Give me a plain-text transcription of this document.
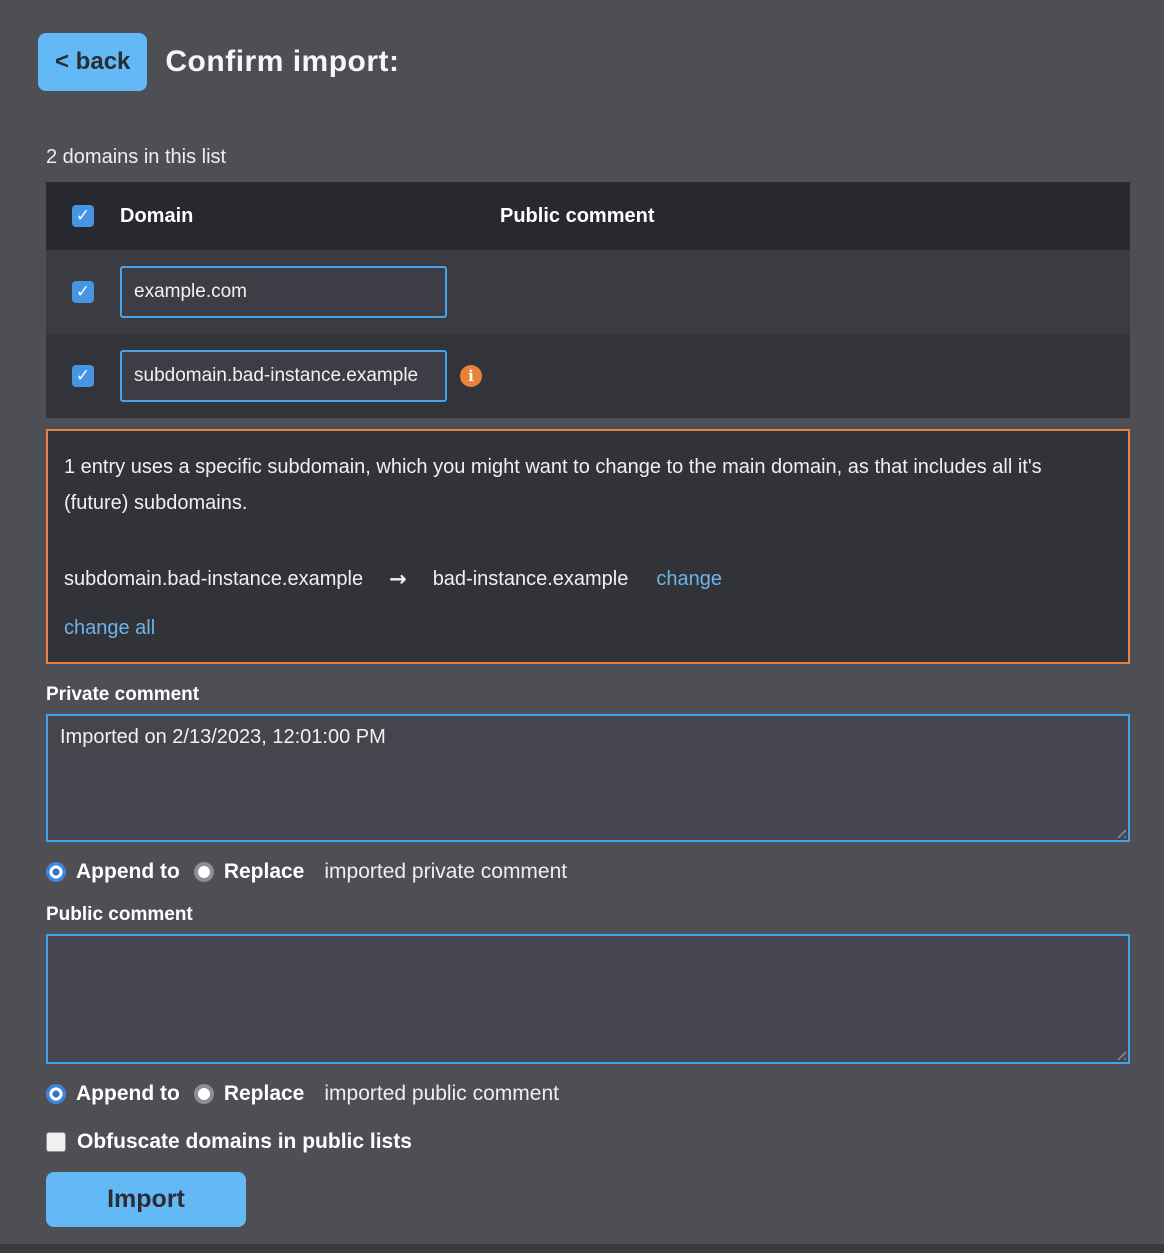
< back	Confirm import:
2 domains in this list
✓
Domain	Public comment
✓
example.com
✓
subdomain.bad-instance.example
i
1 entry uses a specific subdomain, which you might want to change to the main domain, as that includes all it's (future) subdomains.
subdomain.bad-instance.example → bad-instance.example change
change all
Private comment
Imported on 2/13/2023, 12:01:00 PM
Append to Replace imported private comment
Public comment
Append to Replace imported public comment
Obfuscate domains in public lists
Import
